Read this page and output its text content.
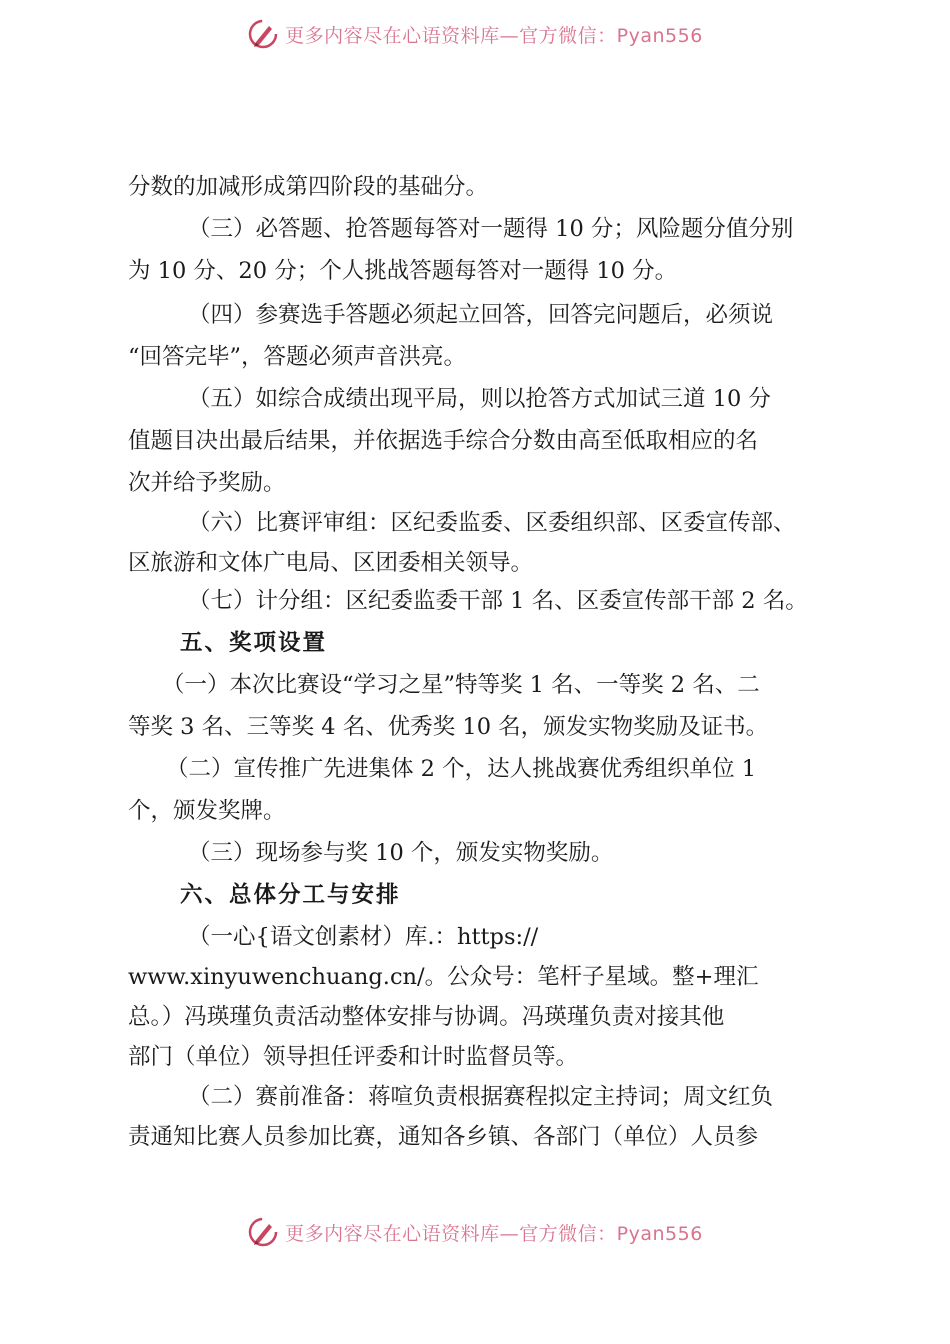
更多内容尽在心语资料库—官方微信：Pyan556
分数的加减形成第四阶段的基础分。
（三）必答题、抢答题每答对一题得 10 分；风险题分值分别
为 10 分、20 分；个人挑战答题每答对一题得 10 分。
（四）参赛选手答题必须起立回答，回答完问题后，必须说
“回答完毕”，答题必须声音洪亮。
（五）如综合成绩出现平局，则以抢答方式加试三道 10 分
值题目决出最后结果，并依据选手综合分数由高至低取相应的名
次并给予奖励。
（六）比赛评审组：区纪委监委、区委组织部、区委宣传部、
区旅游和文体广电局、区团委相关领导。
（七）计分组：区纪委监委干部 1 名、区委宣传部干部 2 名。
五、奖项设置
（一）本次比赛设“学习之星”特等奖 1 名、一等奖 2 名、二
等奖 3 名、三等奖 4 名、优秀奖 10 名，颁发实物奖励及证书。
（二）宣传推广先进集体 2 个，达人挑战赛优秀组织单位 1
个，颁发奖牌。
（三）现场参与奖 10 个，颁发实物奖励。
六、总体分工与安排
（一心{语文创素材）库.：https://
www.xinyuwenchuang.cn/。公众号：笔杆子星域。整+理汇
总。）冯瑛瑾负责活动整体安排与协调。冯瑛瑾负责对接其他
部门（单位）领导担任评委和计时监督员等。
（二）赛前准备：蒋喧负责根据赛程拟定主持词；周文红负
责通知比赛人员参加比赛，通知各乡镇、各部门（单位）人员参
更多内容尽在心语资料库—官方微信：Pyan556
